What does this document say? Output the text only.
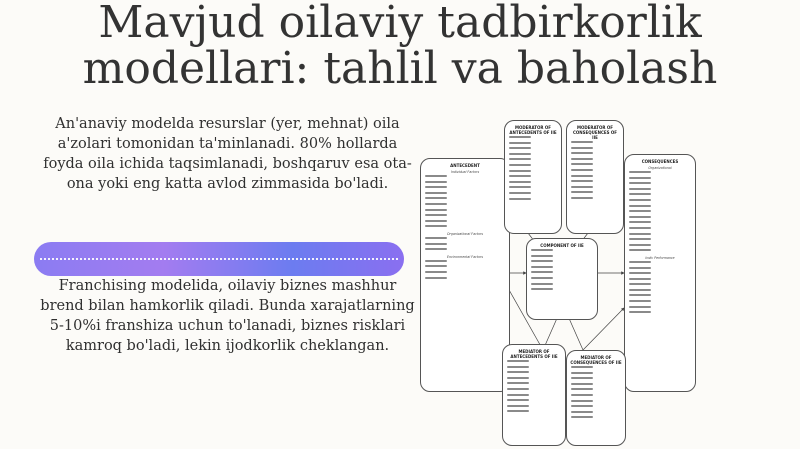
Mavjud oilaviy tadbirkorlik modellari: tahlil va baholash
An'anaviy modelda resurslar (yer, mehnat) oila a'zolari tomonidan ta'minlanadi. 80% hollarda foyda oila ichida taqsimlanadi, boshqaruv esa ota-ona yoki eng katta avlod zimmasida bo'ladi.
Franchising modelida, oilaviy biznes mashhur brend bilan hamkorlik qiladi. Bunda xarajatlarning 5-10%i franshiza uchun to'lanadi, biznes risklari kamroq bo'ladi, lekin ijodkorlik cheklangan.
ANTECEDENT
Individual Factors

Organizational Factors

Environmental Factors

MODERATOR OF ANTECEDENTS OF IIE

MODERATOR OF CONSEQUENCES OF IIE

COMPONENT OF IIE

CONSEQUENCES
Organizational

Indiv Performance

MEDIATOR OF ANTECEDENTS OF IIE	MEDIATOR OF CONSEQUENCES OF IIE
